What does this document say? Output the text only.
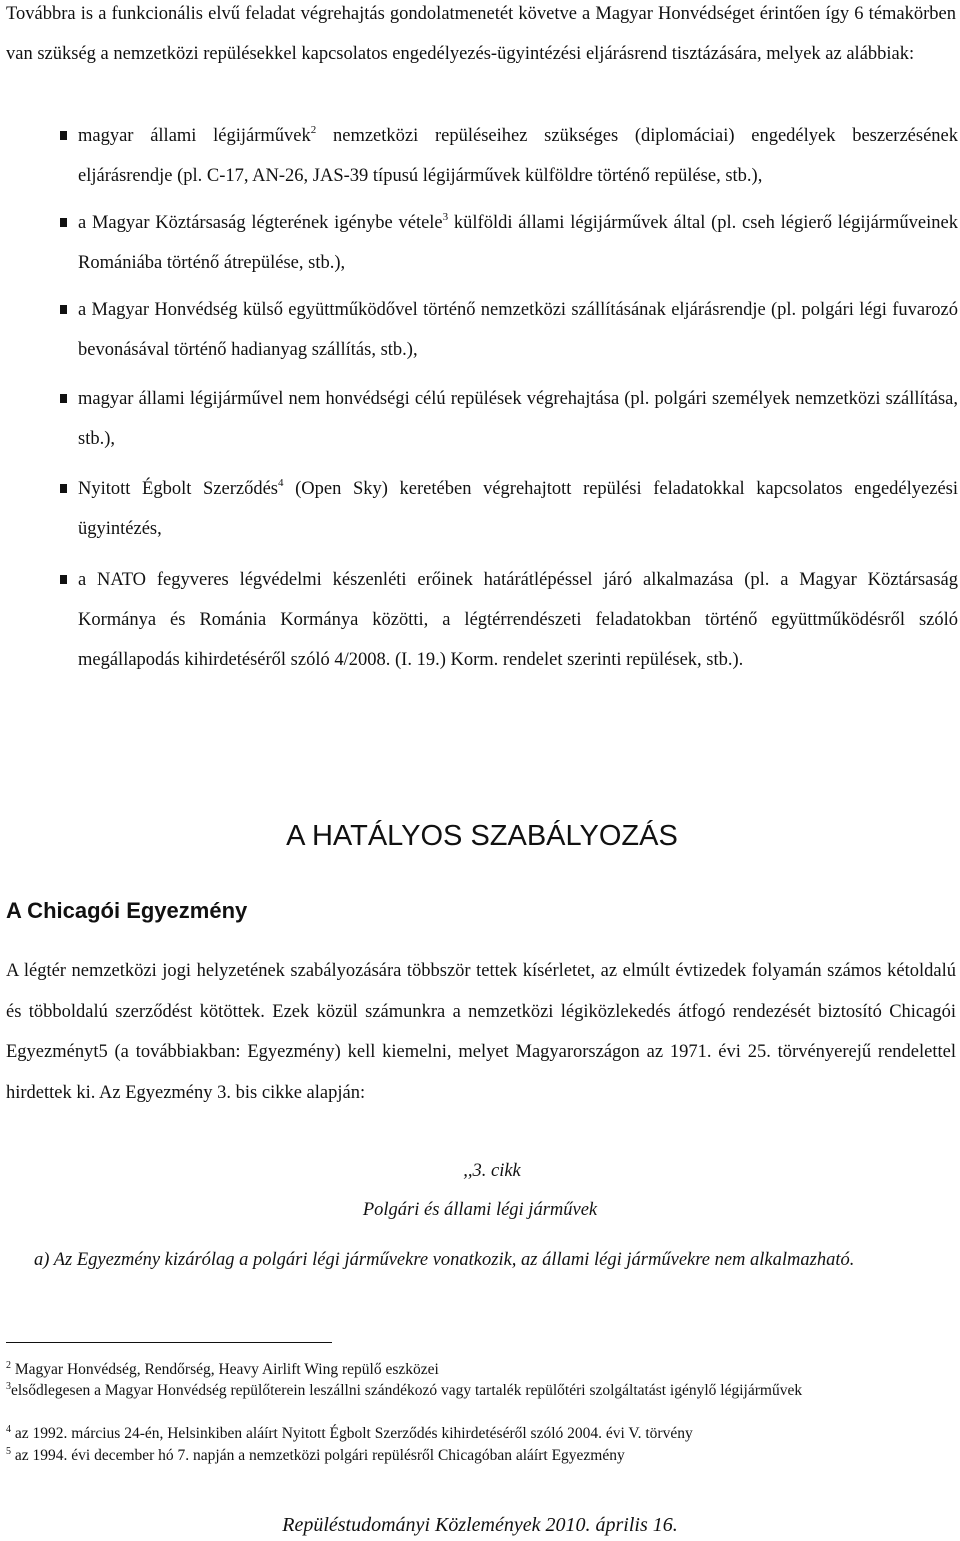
Továbbra is a funkcionális elvű feladat végrehajtás gondolatmenetét követve a Magyar Honvédséget érintően így 6 témakörben van szükség a nemzetközi repülésekkel kapcsolatos engedélyezés-ügyintézési eljárásrend tisztázására, melyek az alábbiak:

magyar állami légijárművek$^2$ nemzetközi repüléseihez szükséges (diplomáciai) engedélyek beszerzésének eljárásrendje (pl. C-17, AN-26, JAS-39 típusú légijárművek külföldre történő repülése, stb.),
a Magyar Köztársaság légterének igénybe vétele$^3$ külföldi állami légijárművek által (pl. cseh légierő légijárműveinek Romániába történő átrepülése, stb.),
a Magyar Honvédség külső együttműködővel történő nemzetközi szállításának eljárásrendje (pl. polgári légi fuvarozó bevonásával történő hadianyag szállítás, stb.),
magyar állami légijárművel nem honvédségi célú repülések végrehajtása (pl. polgári személyek nemzetközi szállítása, stb.),
Nyitott Égbolt Szerződés$^4$ (Open Sky) keretében végrehajtott repülési feladatokkal kapcsolatos engedélyezési ügyintézés,
a NATO fegyveres légvédelmi készenléti erőinek határátlépéssel járó alkalmazása (pl. a Magyar Köztársaság Kormánya és Románia Kormánya közötti, a légtérrendészeti feladatokban történő együttműködésről szóló megállapodás kihirdetéséről szóló 4/2008. (I. 19.) Korm. rendelet szerinti repülések, stb.).
A HATÁLYOS SZABÁLYOZÁS
A Chicagói Egyezmény

A légtér nemzetközi jogi helyzetének szabályozására többször tettek kísérletet, az elmúlt évtizedek folyamán számos kétoldalú és többoldalú szerződést kötöttek. Ezek közül számunkra a nemzetközi légiközlekedés átfogó rendezését biztosító Chicagói Egyezményt5 (a továbbiakban: Egyezmény) kell kiemelni, melyet Magyarországon az 1971. évi 25. törvényerejű rendelettel hirdettek ki. Az Egyezmény 3. bis cikke alapján:

,,3. cikk

Polgári és állami légi járművek

a) Az Egyezmény kizárólag a polgári légi járművekre vonatkozik, az állami légi járművekre nem alkalmazható.

$^2$ Magyar Honvédség, Rendőrség, Heavy Airlift Wing repülő eszközei

$^3$elsődlegesen a Magyar Honvédség repülőterein leszállni szándékozó vagy tartalék repülőtéri szolgáltatást igénylő légijárművek

$^4$ az 1992. március 24-én, Helsinkiben aláírt Nyitott Égbolt Szerződés kihirdetéséről szóló 2004. évi V. törvény

$^5$ az 1994. évi december hó 7. napján a nemzetközi polgári repülésről Chicagóban aláírt Egyezmény

Repüléstudományi Közlemények 2010. április 16.
